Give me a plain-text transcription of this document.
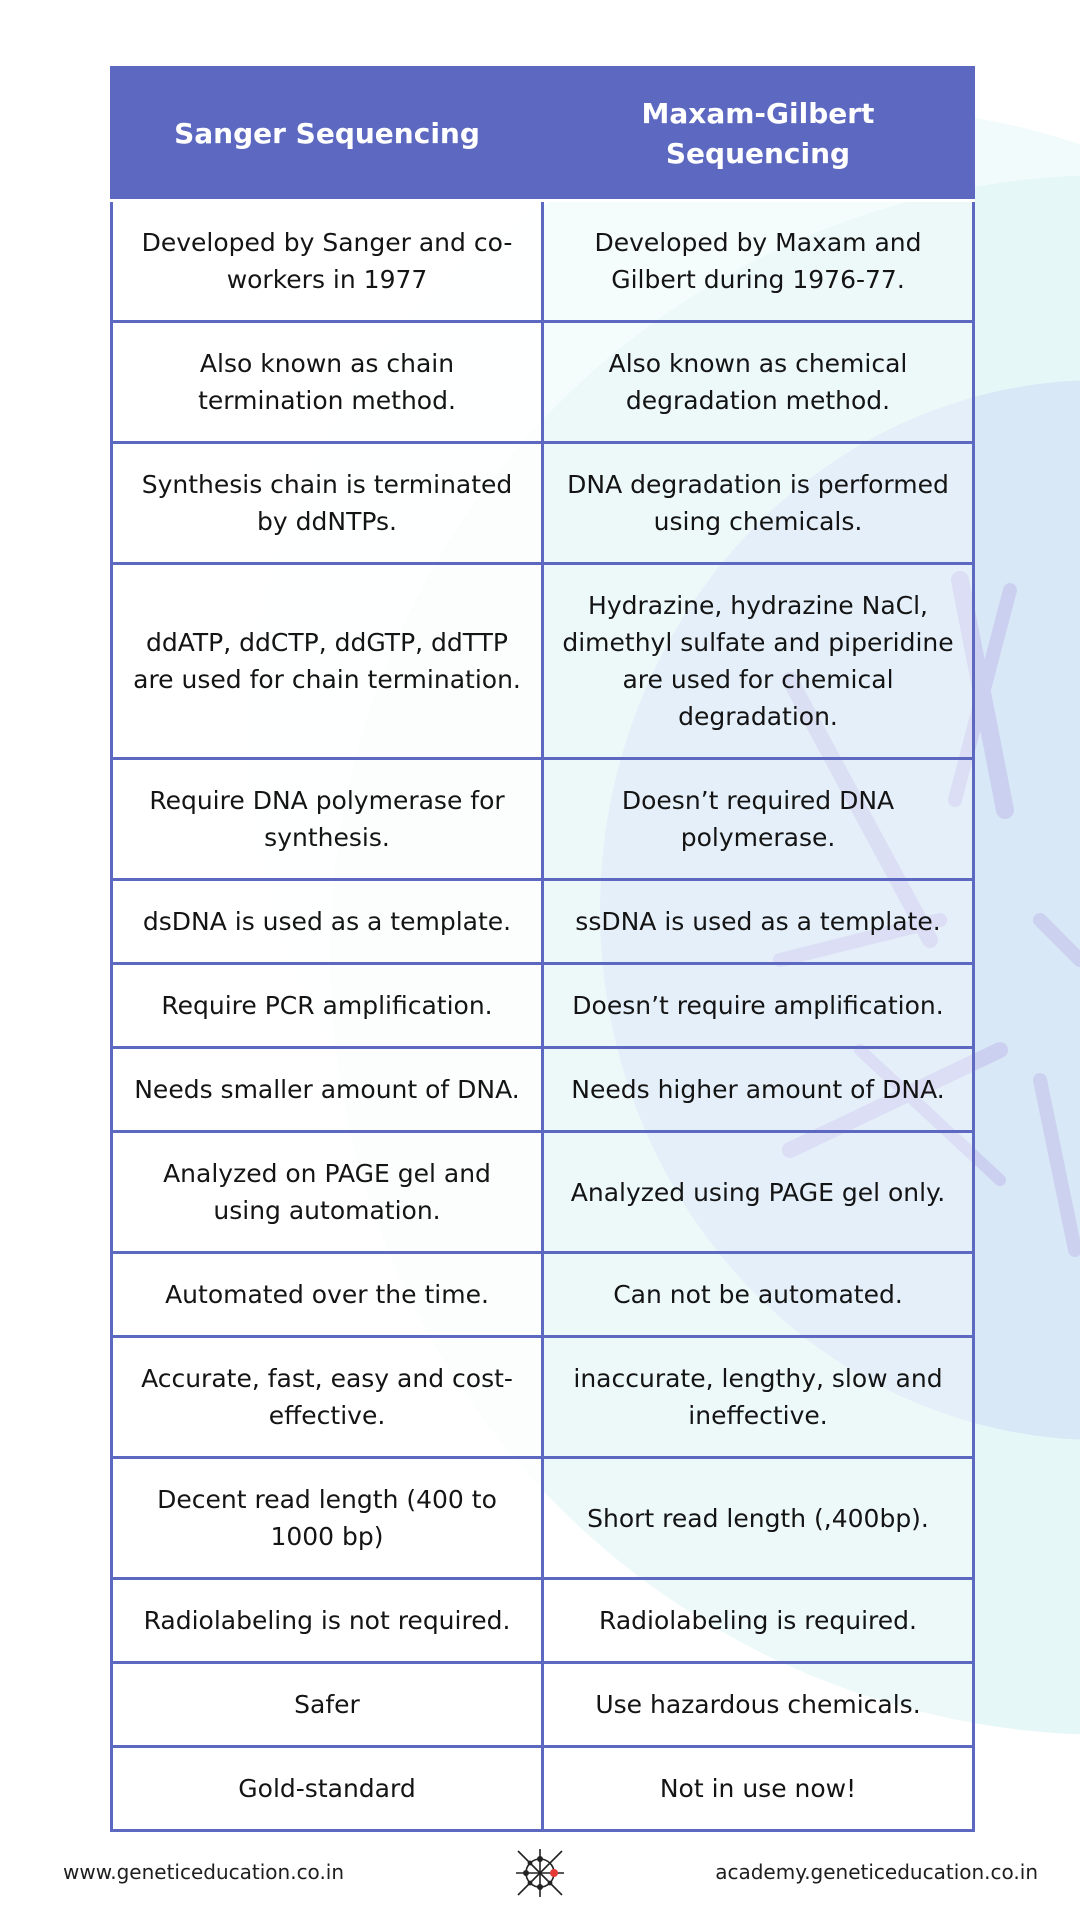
Sanger Sequencing	Maxam-Gilbert Sequencing
Developed by Sanger and co-workers in 1977	Developed by Maxam and Gilbert during 1976-77.
Also known as chain termination method.	Also known as chemical degradation method.
Synthesis chain is terminated by ddNTPs.	DNA degradation is performed using chemicals.
ddATP, ddCTP, ddGTP, ddTTP are used for chain termination.	Hydrazine, hydrazine NaCl, dimethyl sulfate and piperidine are used for chemical degradation.
Require DNA polymerase for synthesis.	Doesn’t required DNA polymerase.
dsDNA is used as a template.	ssDNA is used as a template.
Require PCR amplification.	Doesn’t require amplification.
Needs smaller amount of DNA.	Needs higher amount of DNA.
Analyzed on PAGE gel and using automation.	Analyzed using PAGE gel only.
Automated over the time.	Can not be automated.
Accurate, fast, easy and cost-effective.	inaccurate, lengthy, slow and ineffective.
Decent read length (400 to 1000 bp)	Short read length (,400bp).
Radiolabeling is not required.	Radiolabeling is required.
Safer	Use hazardous chemicals.
Gold-standard	Not in use now!
www.geneticeducation.co.in	academy.geneticeducation.co.in
